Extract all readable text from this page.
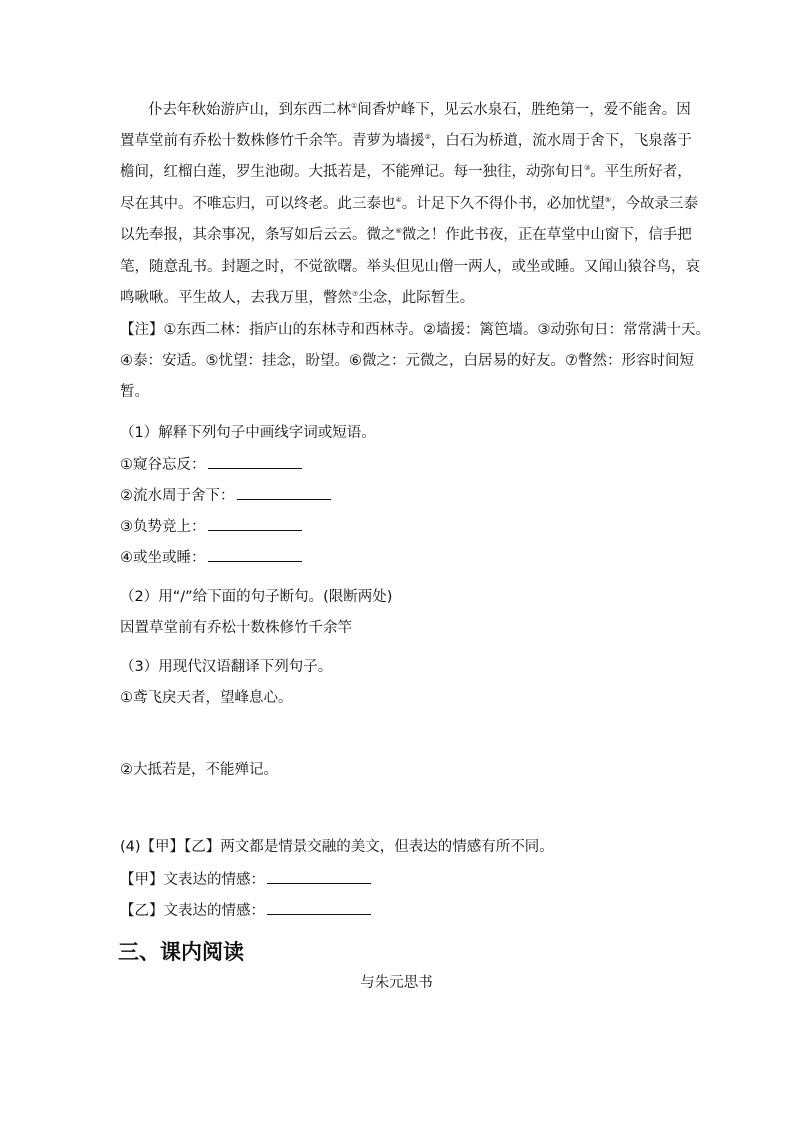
仆去年秋始游庐山，到东西二林①间香炉峰下，见云水泉石，胜绝第一，爱不能舍。因
置草堂前有乔松十数株修竹千余竿。青萝为墙援②，白石为桥道，流水周于舍下，飞泉落于
檐间，红榴白莲，罗生池砌。大抵若是，不能殚记。每一独往，动弥旬日③。平生所好者，
尽在其中。不唯忘归，可以终老。此三泰也④。计足下久不得仆书，必加忧望⑤，今故录三泰
以先奉报，其余事况，条写如后云云。微之⑥微之！作此书夜，正在草堂中山窗下，信手把
笔，随意乱书。封题之时，不觉欲曙。举头但见山僧一两人，或坐或睡。又闻山猿谷鸟，哀
鸣啾啾。平生故人，去我万里，瞥然⑦尘念，此际暂生。
【注】①东西二林：指庐山的东林寺和西林寺。②墙援：篱笆墙。③动弥旬日：常常满十天。
④泰：安适。⑤忧望：挂念，盼望。⑥微之：元微之，白居易的好友。⑦瞥然：形容时间短
暂。
（1）解释下列句子中画线字词或短语。
①窥谷忘反：
②流水周于舍下：
③负势竞上：
④或坐或睡：
（2）用“/”给下面的句子断句。(限断两处)
因置草堂前有乔松十数株修竹千余竿
（3）用现代汉语翻译下列句子。
①鸢飞戾天者，望峰息心。
②大抵若是，不能殚记。
(4)【甲】【乙】两文都是情景交融的美文，但表达的情感有所不同。
【甲】文表达的情感：
【乙】文表达的情感：
三、课内阅读
与朱元思书
